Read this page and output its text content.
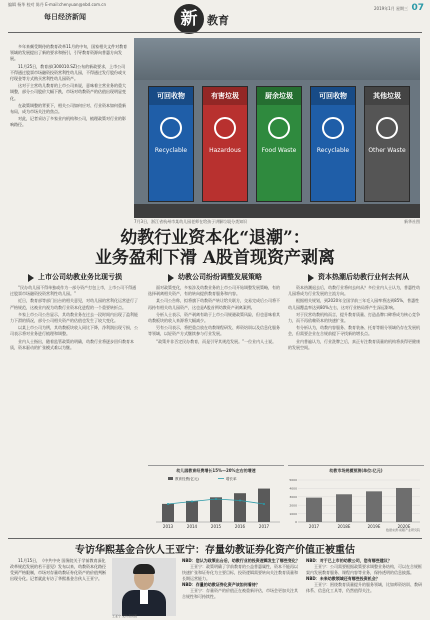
编辑 杨华 校对 陈丹 E-mail:chenyuan@nbd.com.cn
每日经济新闻	新 教育
2019年1月 星期三 07

多年来颇受期待的教育改革11月的中旬，国家相关文件对教育领域的发展提出了新的要求和指引，引导教育资源向普惠方向发展。

11月25日，教育部(300010.SZ)公布的新政要求，上市公司不得通过股票市场融资投资营利性幼儿园，不得通过发行股份或支付现金等方式购买营利性幼儿园资产。

这对于主营幼儿教育的上市公司来说，意味着主营业务的重大调整，部分公司股价大幅下跌，市场对幼教资产的估值出现明显变化。

在政策调整的背景下，相关公司如何应对、行业资本如何重新布局，成为市场关注的焦点。

对此，记者采访了多家业内机构和公司，梳理政策对行业的影响路径。

可回收物
Recyclable
有害垃圾
Hazardous
厨余垃圾
Food Waste
可回收物
Recyclable
其他垃圾
Other Waste
7月3日，浙江省杭州市某幼儿园老师在给孩子讲解垃圾分类知识	新华社图
幼教行业资本化“退潮”：
业务盈利下滑 A股首现资产剥离
上市公司幼教业务比现亏损	幼教公司纷纷调整发展策略	资本热潮后幼教行业何去何从

“民办幼儿园不得单独或作为一部分资产打包上市，上市公司不得通过股票市场融资投资营利性幼儿园。”

近日，教育部等部门出台的相关意见，对幼儿园的营利化运营进行了严格规范，这被业内视为幼教行业资本化进程的一个重要转折点。

多家上市公司公告显示，其幼教业务在过去一段时间内出现了盈利能力下滑的情况，部分公司相关资产的估值也发生了较大变化。

以某上市公司为例，其幼教板块收入同比下降，净利润出现亏损，公司表示将对业务进行梳理和调整。

业内人士指出，随着监管政策的明确，幼教行业将逐步回归教育本质，资本驱动的扩张模式难以为继。

面对政策变化，多家涉及幼教业务的上市公司开始调整发展策略，有的选择剥离相关资产，有的转向提供教育服务和内容。

某公司公告称，拟将旗下幼教资产转让给关联方，交易完成后公司将不再持有相关幼儿园资产，这也是A股首例幼教资产剥离案例。

分析人士表示，资产剥离有助于上市公司规避政策风险，但也意味着其幼教板块的收入来源将大幅减少。

另有公司表示，将把重点放在幼教课程研发、师资培训以及信息化服务等领域，以轻资产方式继续参与行业发展。

“政策并非否定民办教育，而是引导其规范发展。”一位业内人士说。

资本热潮退去后，幼教行业将何去何从？多位业内人士认为，普惠性幼儿园将成为行业发展的主流方向。

根据相关规划，到2020年全国学前三年毛入园率将达到85%，普惠性幼儿园覆盖率达到80%左右，这对行业格局将产生深远影响。

对于民营幼教机构而言，提升教育质量、打造品牌口碑将成为核心竞争力，而不再依赖资本的快速扩张。

有分析认为，幼教内容服务、教育装备、托育等细分领域仍存在发展机会，但需要企业在合规前提下寻找新的增长点。

业内普遍认为，行业洗牌之后，真正专注教育质量的机构将获得更健康的发展空间。

幼儿园教育经费增长15%—20%左右的增速
2013	2014	2015	2016	2017
教育经费(亿元)	增长率
幼教市场规模预测(单位:亿元)
0
1000
2000
3000
4000
5000
2017	2018E	2019E	2020E
数据来源:前瞻产业研究院
专访华熙基金合伙人王亚宁：存量幼教证券化资产价值正被重估
11月15日，《中共中央 国务院关于学前教育深化改革规范发展的若干意见》发布以来，幼教资本化路径受到严格限制，市场对存量幼教证券化资产的价值判断出现分化。记者就此专访了华熙基金合伙人王亚宁。
王亚宁 受访者供图

NBD：您认为政策出台后，幼教行业的投资逻辑发生了哪些变化？

王亚宁：政策明确了学前教育的公益普惠属性，资本不能再以快速扩张和证券化为主要目标，投资逻辑需要转向关注教育质量和长期运营能力。

NBD：存量的幼教证券化资产该如何看待？

王亚宁：存量资产的价值正在被重新评估，市场会更加关注其合规性和可持续性。

NBD：对于已上市的幼教公司，您有哪些建议？

王亚宁：公司需要根据政策要求调整业务结构，可以在合规框架内发展教育服务、课程内容等业务，保持透明的信息披露。

NBD：未来幼教领域还有哪些投资机会？

王亚宁：围绕教育质量提升的服务领域，比如师资培训、教研体系、信息化工具等，仍然值得关注。
